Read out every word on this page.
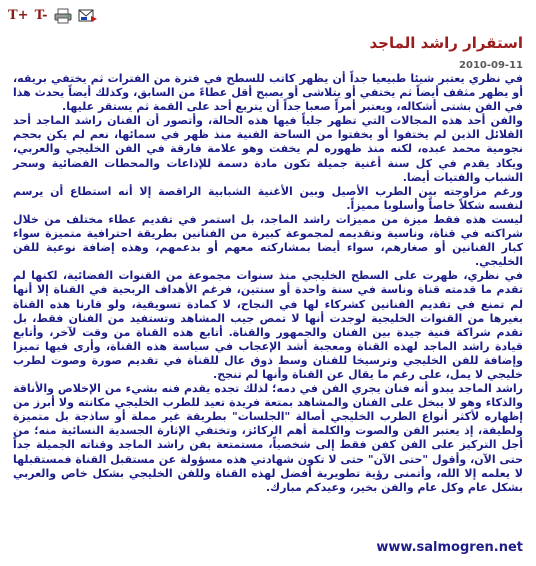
T+ T-
استقرار راشد الماجد
2010-09-11

في نظري يعتبر شيئا طبيعيا جداً أن يظهر كاتب للسطح في فترة من الفترات ثم يختفي بريقه، أو يظهر مثقف أيضاً ثم يختفي أو يتلاشى أو يصبح أقل عطاءً من السابق، وكذلك أيضاً يحدث هذا في الفن بشتى أشكاله، ويعتبر أمراً صعبا جداً أن يتربع أحد على القمة ثم يستقر عليها.

والفن أحد هذه المجالات التي تظهر جلياً فيها هذه الحالة، وأتصور أن الفنان راشد الماجد أحد القلائل الذين لم يختفوا أو يخفتوا من الساحة الفنية منذ ظهر في سمائها، نعم لم يكن بحجم نجومية محمد عبده، لكنه منذ ظهوره لم يخفت وهو علامة فارقة في الفن الخليجي والعربي، ويكاد يقدم في كل سنة أغنية جميلة تكون مادة دسمة للإذاعات والمحطات الفضائية وسحر الشباب والفتيات أيضا.

ورغم مزاوجته بين الطرب الأصيل وبين الأغنية الشبابية الراقصة إلا أنه استطاع أن يرسم لنفسه شكلاً خاصاً وأسلوبا مميزاً.

ليست هذه فقط ميزة من مميزات راشد الماجد، بل استمر في تقديم عطاء مختلف من خلال شراكته في قناة، وناسية وتقديمه لمجموعة كبيرة من الفنانين بطريقة احترافية متميزة سواء كبار الفنانين أو صغارهم، سواء أيضا بمشاركته معهم أو بدعمهم، وهذه إضافة نوعية للفن الخليجي.

في نظري، ظهرت على السطح الخليجي منذ سنوات مجموعة من القنوات الفضائية، لكنها لم تقدم ما قدمته قناة وناسة في سنة واحدة أو سنتين، فرغم الأهداف الربحية في القناة إلا أنها لم تمنع في تقديم الفنانين كشركاء لها في النجاح، لا كمادة تسويقية، ولو قارنا هذه القناة بغيرها من القنوات الخليجية لوجدت أنها لا تمص جيب المشاهد وتستفيد من الفنان فقط، بل تقدم شراكة فنية جيدة بين الفنان والجمهور والقناة. أتابع هذه القناة من وقت لآخر، وأتابع قيادة راشد الماجد لهذه القناة ومعجبة أشد الإعجاب في سياسة هذه القناة، وأرى فيها تميزا وإضافة للفن الخليجي وترسيخا للفنان وسط ذوق عال للقناة في تقديم صورة وصوت لطرب خليجي لا يمل، على رغم ما يقال عن القناة وأنها لم تنجح.

راشد الماجد يبدو أنه فنان يجري الفن في دمه؛ لذلك تجده يقدم فنه بشيء من الإخلاص والأناقة والذكاء وهو لا يبخل على الفنان والمشاهد بمتعة فريدة تعيد للطرب الخليجي مكانته ولا أبرز من إظهاره لأكثر أنواع الطرب الخليجي أصالة "الجلسات" بطريقة غير مملة أو ساذجة بل متميزة ولطيفة، إذ يعتبر الفن والصوت والكلمة أهم الركائز، وتختفي الإثارة الجسدية النسائية منه؛ من أجل التركيز على الفن كفن فقط إلى شخصياً، مستمتعة بفن راشد الماجد وقناته الجميلة جداً حتى الآن، وأقول "حتى الآن" حتى لا تكون شهادتي هذه مسؤولة عن مستقبل القناة فمستقبلها لا يعلمه إلا الله، وأتمنى رؤية تطويرية أفضل لهذه القناة وللفن الخليجي بشكل خاص والعربي بشكل عام وكل عام والفن بخير، وعيدكم مبارك.

www.salmogren.net
